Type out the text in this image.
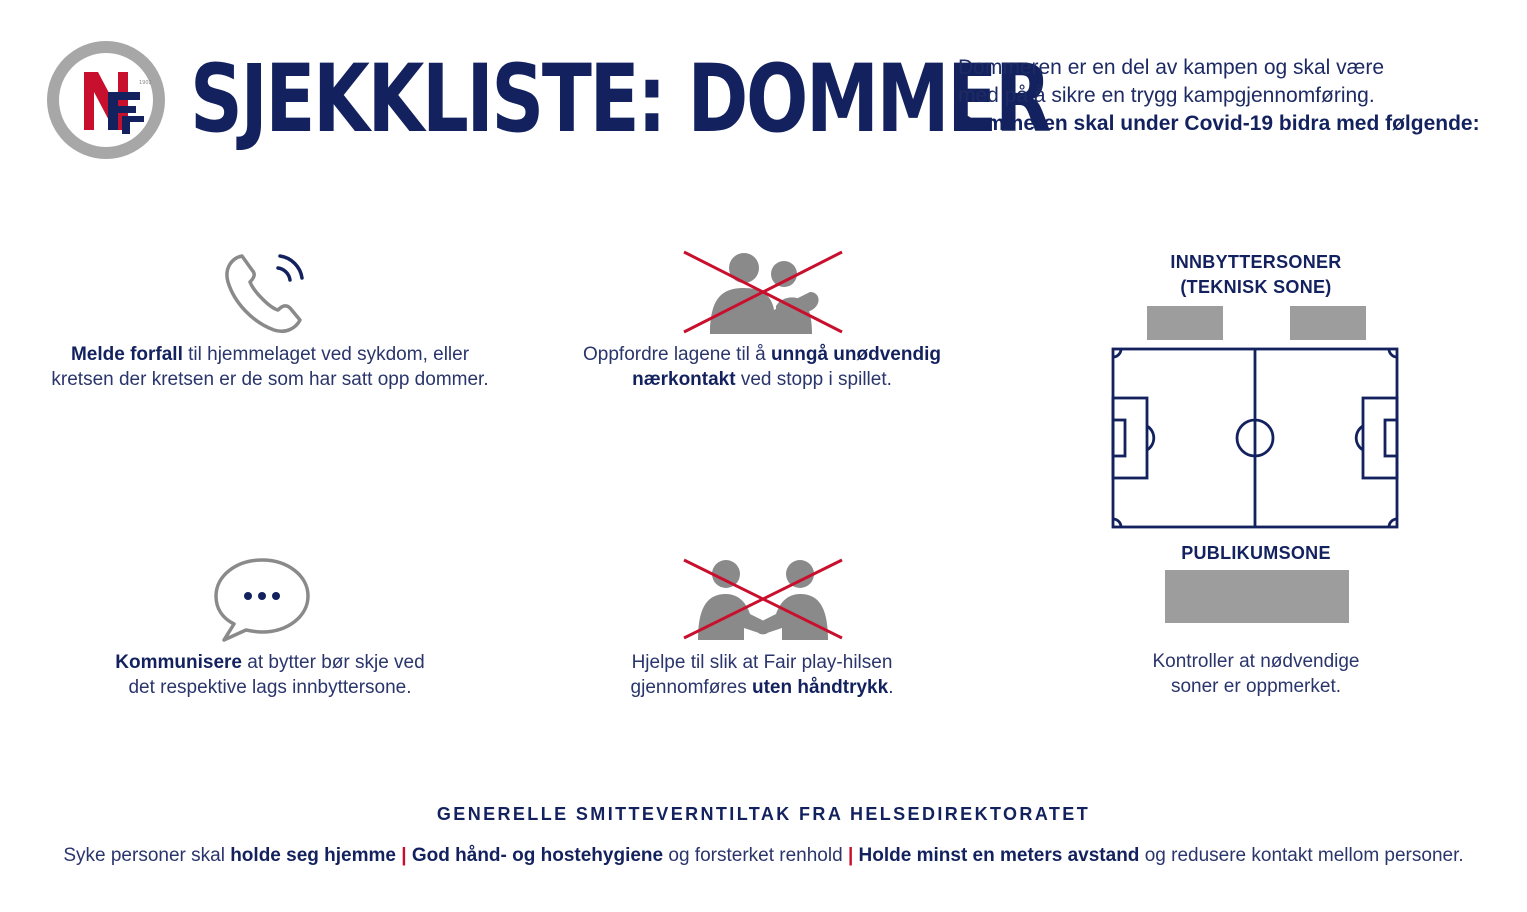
1902 SJEKKLISTE: DOMMER
Dommeren er en del av kampen og skal være
med på å sikre en trygg kampgjennomføring.
Dommeren skal under Covid-19 bidra med følgende:
Melde forfall til hjemmelaget ved sykdom, eller
kretsen der kretsen er de som har satt opp dommer.
Oppfordre lagene til å unngå unødvendig
nærkontakt ved stopp i spillet.
Kommunisere at bytter bør skje ved
det respektive lags innbyttersone.
Hjelpe til slik at Fair play-hilsen
gjennomføres uten håndtrykk.
INNBYTTERSONER
(TEKNISK SONE)
PUBLIKUMSONE
Kontroller at nødvendige
soner er oppmerket.
GENERELLE SMITTEVERNTILTAK FRA HELSEDIREKTORATET
Syke personer skal holde seg hjemme | God hånd- og hostehygiene og forsterket renhold | Holde minst en meters avstand og redusere kontakt mellom personer.
